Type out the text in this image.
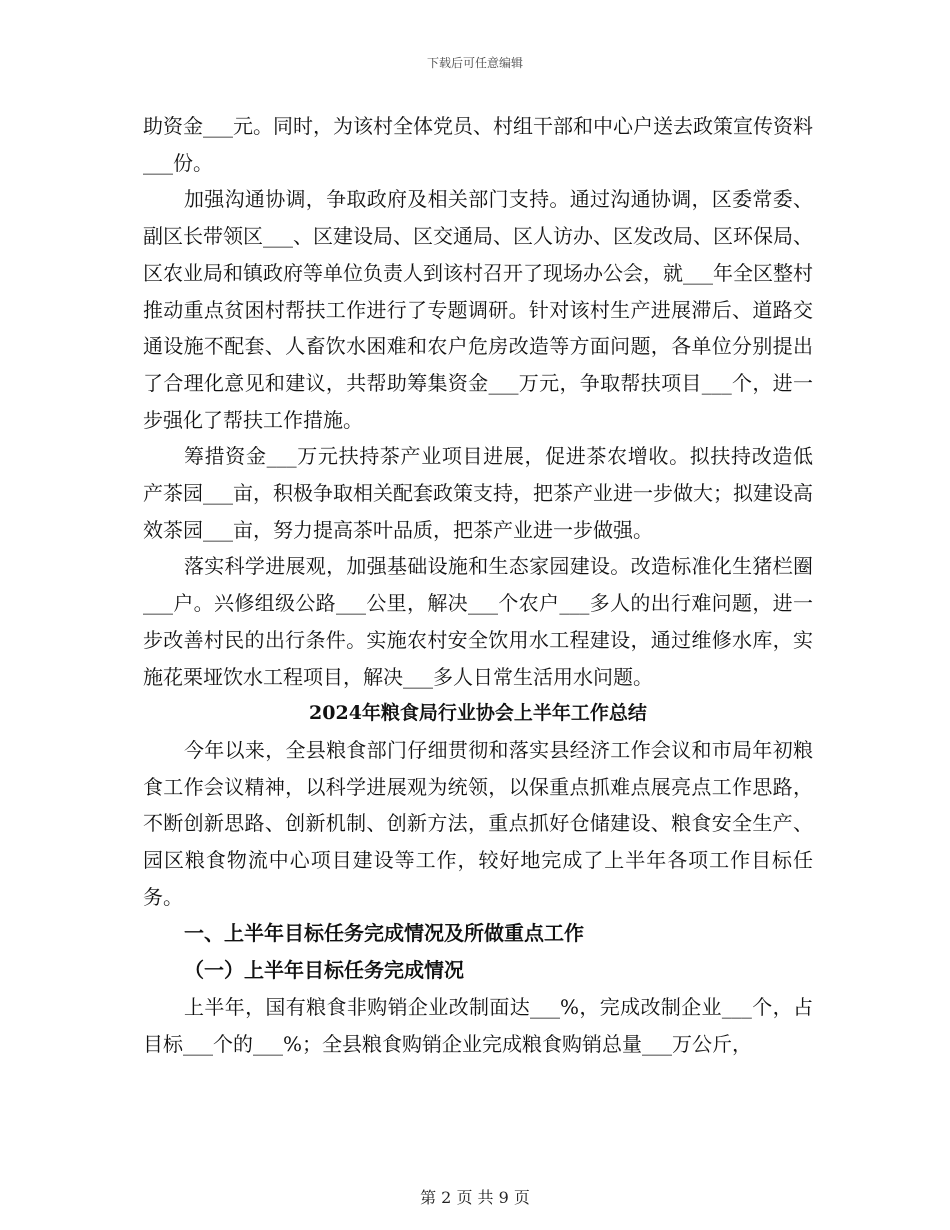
下载后可任意编辑

助资金___元。同时，为该村全体党员、村组干部和中心户送去政策宣传资料___份。

加强沟通协调，争取政府及相关部门支持。通过沟通协调，区委常委、副区长带领区___、区建设局、区交通局、区人访办、区发改局、区环保局、区农业局和镇政府等单位负责人到该村召开了现场办公会，就___年全区整村推动重点贫困村帮扶工作进行了专题调研。针对该村生产进展滞后、道路交通设施不配套、人畜饮水困难和农户危房改造等方面问题，各单位分别提出了合理化意见和建议，共帮助筹集资金___万元，争取帮扶项目___个，进一步强化了帮扶工作措施。

筹措资金___万元扶持茶产业项目进展，促进茶农增收。拟扶持改造低产茶园___亩，积极争取相关配套政策支持，把茶产业进一步做大；拟建设高效茶园___亩，努力提高茶叶品质，把茶产业进一步做强。

落实科学进展观，加强基础设施和生态家园建设。改造标准化生猪栏圈___户。兴修组级公路___公里，解决___个农户___多人的出行难问题，进一步改善村民的出行条件。实施农村安全饮用水工程建设，通过维修水库，实施花栗垭饮水工程项目，解决___多人日常生活用水问题。

2024年粮食局行业协会上半年工作总结

今年以来，全县粮食部门仔细贯彻和落实县经济工作会议和市局年初粮食工作会议精神，以科学进展观为统领，以保重点抓难点展亮点工作思路，不断创新思路、创新机制、创新方法，重点抓好仓储建设、粮食安全生产、园区粮食物流中心项目建设等工作，较好地完成了上半年各项工作目标任务。

一、上半年目标任务完成情况及所做重点工作

（一）上半年目标任务完成情况

上半年，国有粮食非购销企业改制面达___%，完成改制企业___个，占目标___个的___%；全县粮食购销企业完成粮食购销总量___万公斤，

第 2 页 共 9 页
